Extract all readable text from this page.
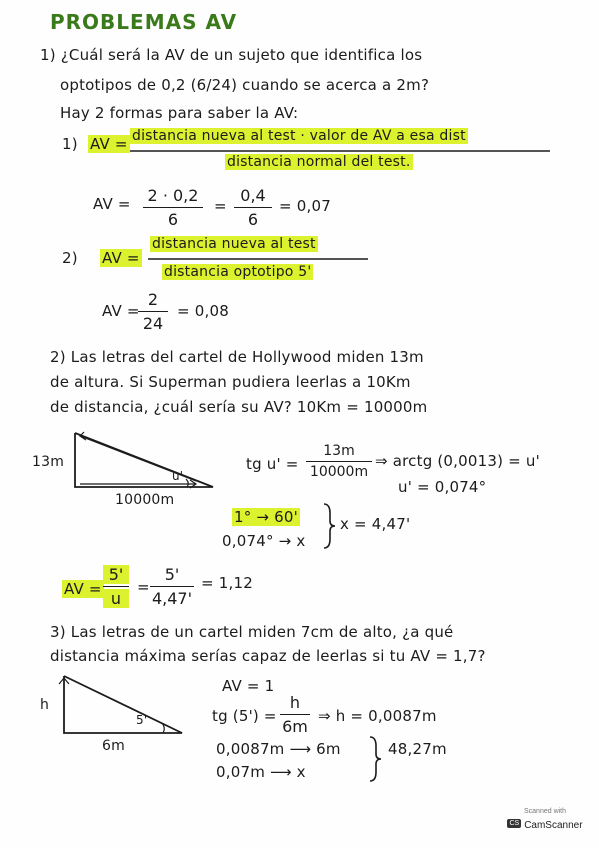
PROBLEMAS AV
1) ¿Cuál será la AV de un sujeto que identifica los
optotipos de 0,2 (6/24) cuando se acerca a 2m?
Hay 2 formas para saber la AV:
1) AV = distancia nueva al test · valor de AV a esa dist
distancia normal del test.
AV = 2 · 0,2
6
=
0,4
6
= 0,07
2) AV =
distancia nueva al test
distancia optotipo 5'
AV =
2
24
= 0,08
2) Las letras del cartel de Hollywood miden 13m
de altura. Si Superman pudiera leerlas a 10Km
de distancia, ¿cuál sería su AV? 10Km = 10000m
13m
u'
10000m
tg u' =
13m
10000m
⇒ arctg (0,0013) = u'
u' = 0,074°
1° → 60'
0,074° → x
x = 4,47'
AV =
5'
u
=
5'
4,47'
= 1,12
3) Las letras de un cartel miden 7cm de alto, ¿a qué
distancia máxima serías capaz de leerlas si tu AV = 1,7?
h
5'
6m
AV = 1
tg (5') =
h
6m
⇒ h = 0,0087m
0,0087m ⟶ 6m
0,07m ⟶ x
48,27m
Scanned with
CS CamScanner
